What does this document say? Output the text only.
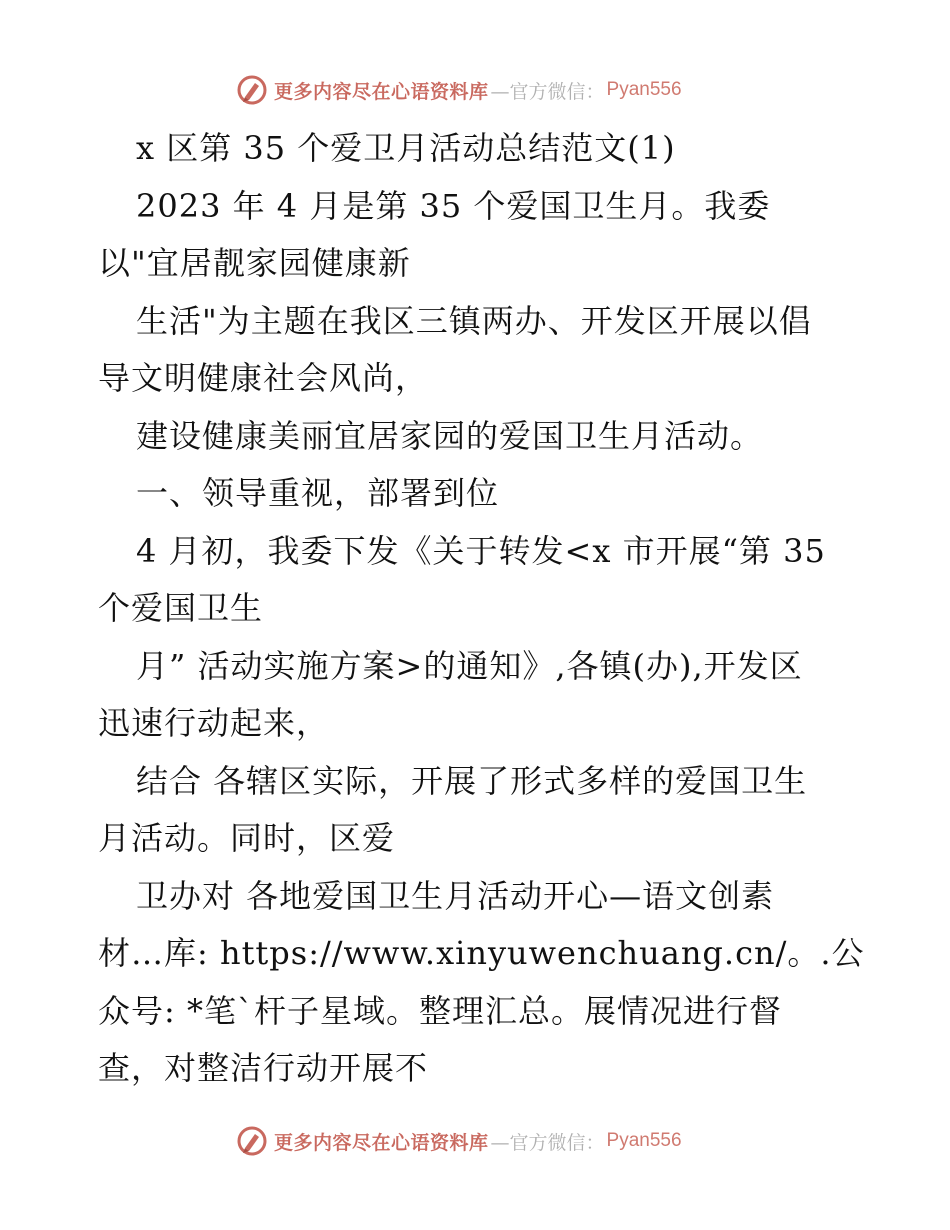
更多内容尽在心语资料库 —官方微信： Pyan556
x 区第 35 个爱卫月活动总结范文(1)
2023 年 4 月是第 35 个爱国卫生月。我委
以"宜居靓家园健康新
生活"为主题在我区三镇两办、开发区开展以倡
导文明健康社会风尚，
建设健康美丽宜居家园的爱国卫生月活动。
一、领导重视，部署到位
4 月初，我委下发《关于转发<x 市开展“第 35
个爱国卫生
月” 活动实施方案>的通知》,各镇(办),开发区
迅速行动起来，
结合 各辖区实际，开展了形式多样的爱国卫生
月活动。同时，区爱
卫办对 各地爱国卫生月活动开心—语文创素
材…库: https://www.xinyuwenchuang.cn/。.公
众号: *笔`杆子星域。整理汇总。展情况进行督
查，对整洁行动开展不
更多内容尽在心语资料库 —官方微信： Pyan556
